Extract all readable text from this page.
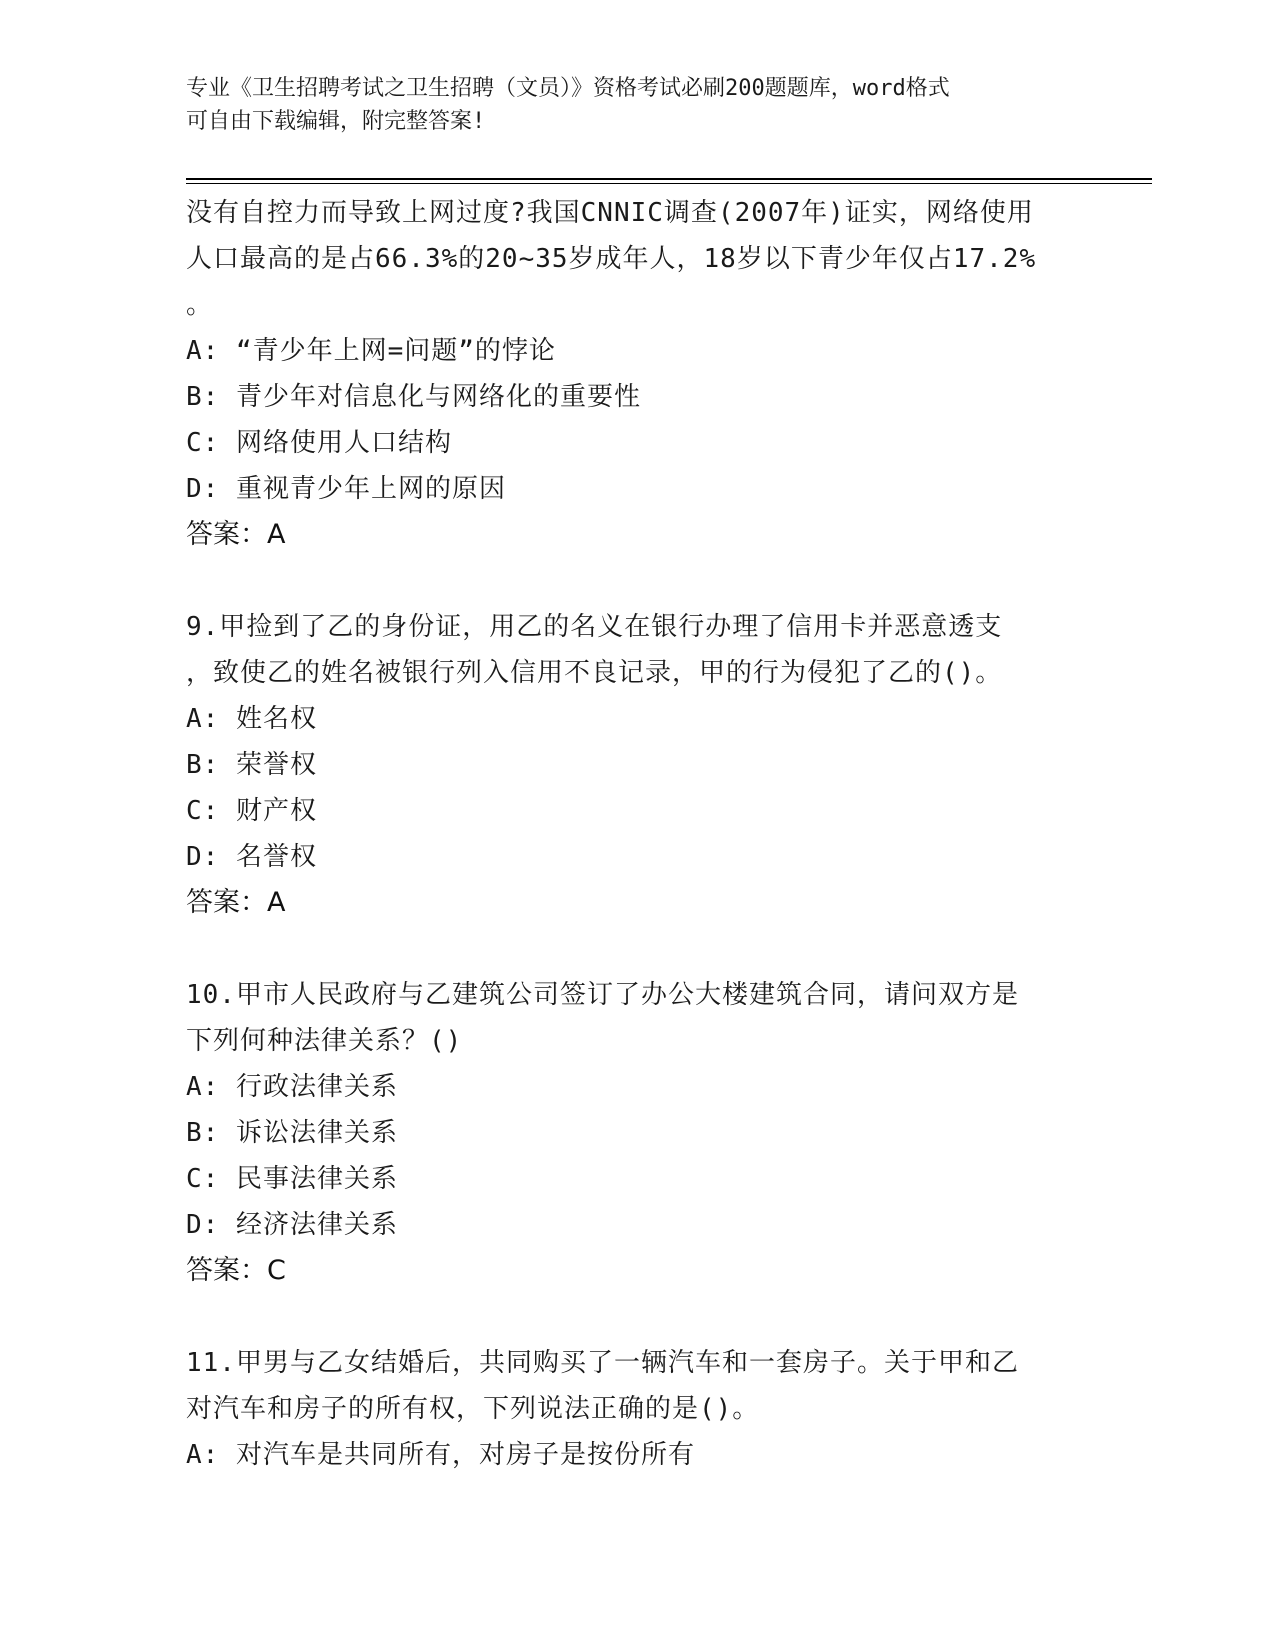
专业《卫生招聘考试之卫生招聘（文员）》资格考试必刷200题题库，word格式
可自由下载编辑，附完整答案!
没有自控力而导致上网过度?我国CNNIC调查(2007年)证实，网络使用
人口最高的是占66.3%的20~35岁成年人，18岁以下青少年仅占17.2%
。
A: “青少年上网=问题”的悖论
B: 青少年对信息化与网络化的重要性
C: 网络使用人口结构
D: 重视青少年上网的原因
答案：A
9.甲捡到了乙的身份证，用乙的名义在银行办理了信用卡并恶意透支
，致使乙的姓名被银行列入信用不良记录，甲的行为侵犯了乙的()。
A: 姓名权
B: 荣誉权
C: 财产权
D: 名誉权
答案：A
10.甲市人民政府与乙建筑公司签订了办公大楼建筑合同，请问双方是
下列何种法律关系？()
A: 行政法律关系
B: 诉讼法律关系
C: 民事法律关系
D: 经济法律关系
答案：C
11.甲男与乙女结婚后，共同购买了一辆汽车和一套房子。关于甲和乙
对汽车和房子的所有权，下列说法正确的是()。
A: 对汽车是共同所有，对房子是按份所有
